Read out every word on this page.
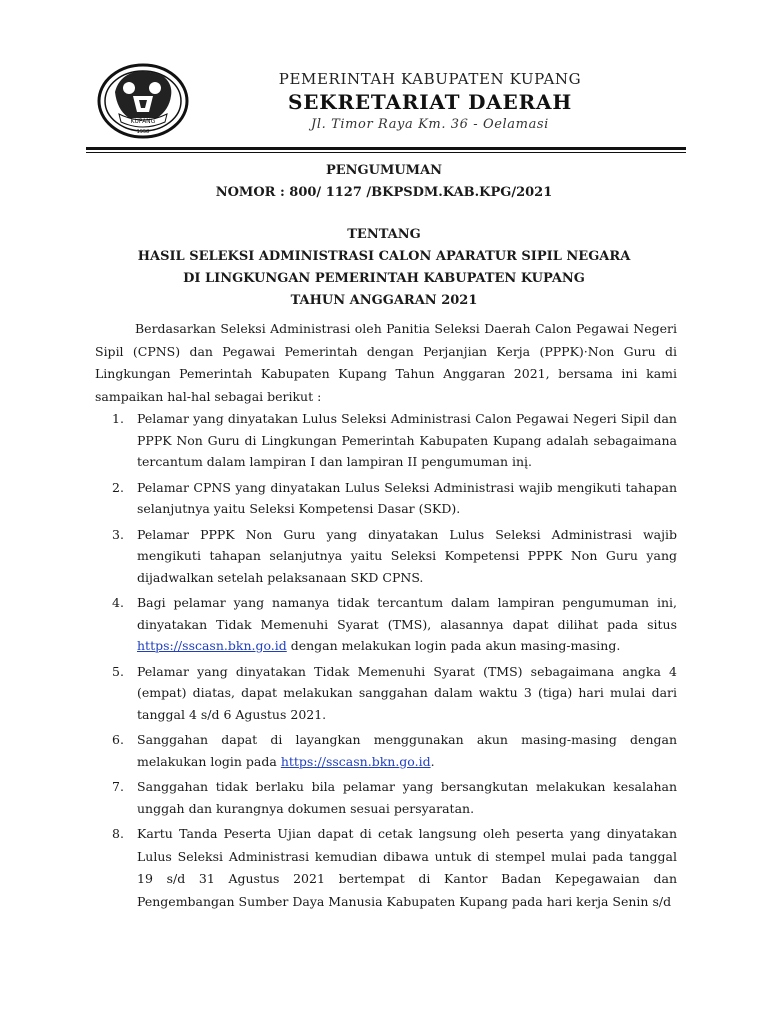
KUPANG
1958
PEMERINTAH KABUPATEN KUPANG
SEKRETARIAT DAERAH
Jl. Timor Raya Km. 36 - Oelamasi
PENGUMUMAN
NOMOR : 800/ 1127 /BKPSDM.KAB.KPG/2021
TENTANG
HASIL SELEKSI ADMINISTRASI CALON APARATUR SIPIL NEGARA
DI LINGKUNGAN PEMERINTAH KABUPATEN KUPANG
TAHUN ANGGARAN 2021
Berdasarkan Seleksi Administrasi oleh Panitia Seleksi Daerah Calon Pegawai Negeri Sipil (CPNS) dan Pegawai Pemerintah dengan Perjanjian Kerja (PPPK)·Non Guru di Lingkungan Pemerintah Kabupaten Kupang Tahun Anggaran 2021, bersama ini kami sampaikan hal-hal sebagai berikut :
1. Pelamar yang dinyatakan Lulus Seleksi Administrasi Calon Pegawai Negeri Sipil dan PPPK Non Guru di Lingkungan Pemerintah Kabupaten Kupang adalah sebagaimana tercantum dalam lampiran I dan lampiran II pengumuman inį.
2. Pelamar CPNS yang dinyatakan Lulus Seleksi Administrasi wajib mengikuti tahapan selanjutnya yaitu Seleksi Kompetensi Dasar (SKD).
3. Pelamar PPPK Non Guru yang dinyatakan Lulus Seleksi Administrasi wajib mengikuti tahapan selanjutnya yaitu Seleksi Kompetensi PPPK Non Guru yang dijadwalkan setelah pelaksanaan SKD CPNS.
4. Bagi pelamar yang namanya tidak tercantum dalam lampiran pengumuman ini, dinyatakan Tidak Memenuhi Syarat (TMS), alasannya dapat dilihat pada situs https://sscasn.bkn.go.id dengan melakukan login pada akun masing-masing.
5. Pelamar yang dinyatakan Tidak Memenuhi Syarat (TMS) sebagaimana angka 4 (empat) diatas, dapat melakukan sanggahan dalam waktu 3 (tiga) hari mulai dari tanggal 4 s/d 6 Agustus 2021.
6. Sanggahan dapat di layangkan menggunakan akun masing-masing dengan melakukan login pada https://sscasn.bkn.go.id.
7. Sanggahan tidak berlaku bila pelamar yang bersangkutan melakukan kesalahan unggah dan kurangnya dokumen sesuai persyaratan.
8. Kartu Tanda Peserta Ujian dapat di cetak langsung oleh peserta yang dinyatakan Lulus Seleksi Administrasi kemudian dibawa untuk di stempel mulai pada tanggal 19 s/d 31 Agustus 2021 bertempat di Kantor Badan Kepegawaian dan Pengembangan Sumber Daya Manusia Kabupaten Kupang pada hari kerja Senin s/d
